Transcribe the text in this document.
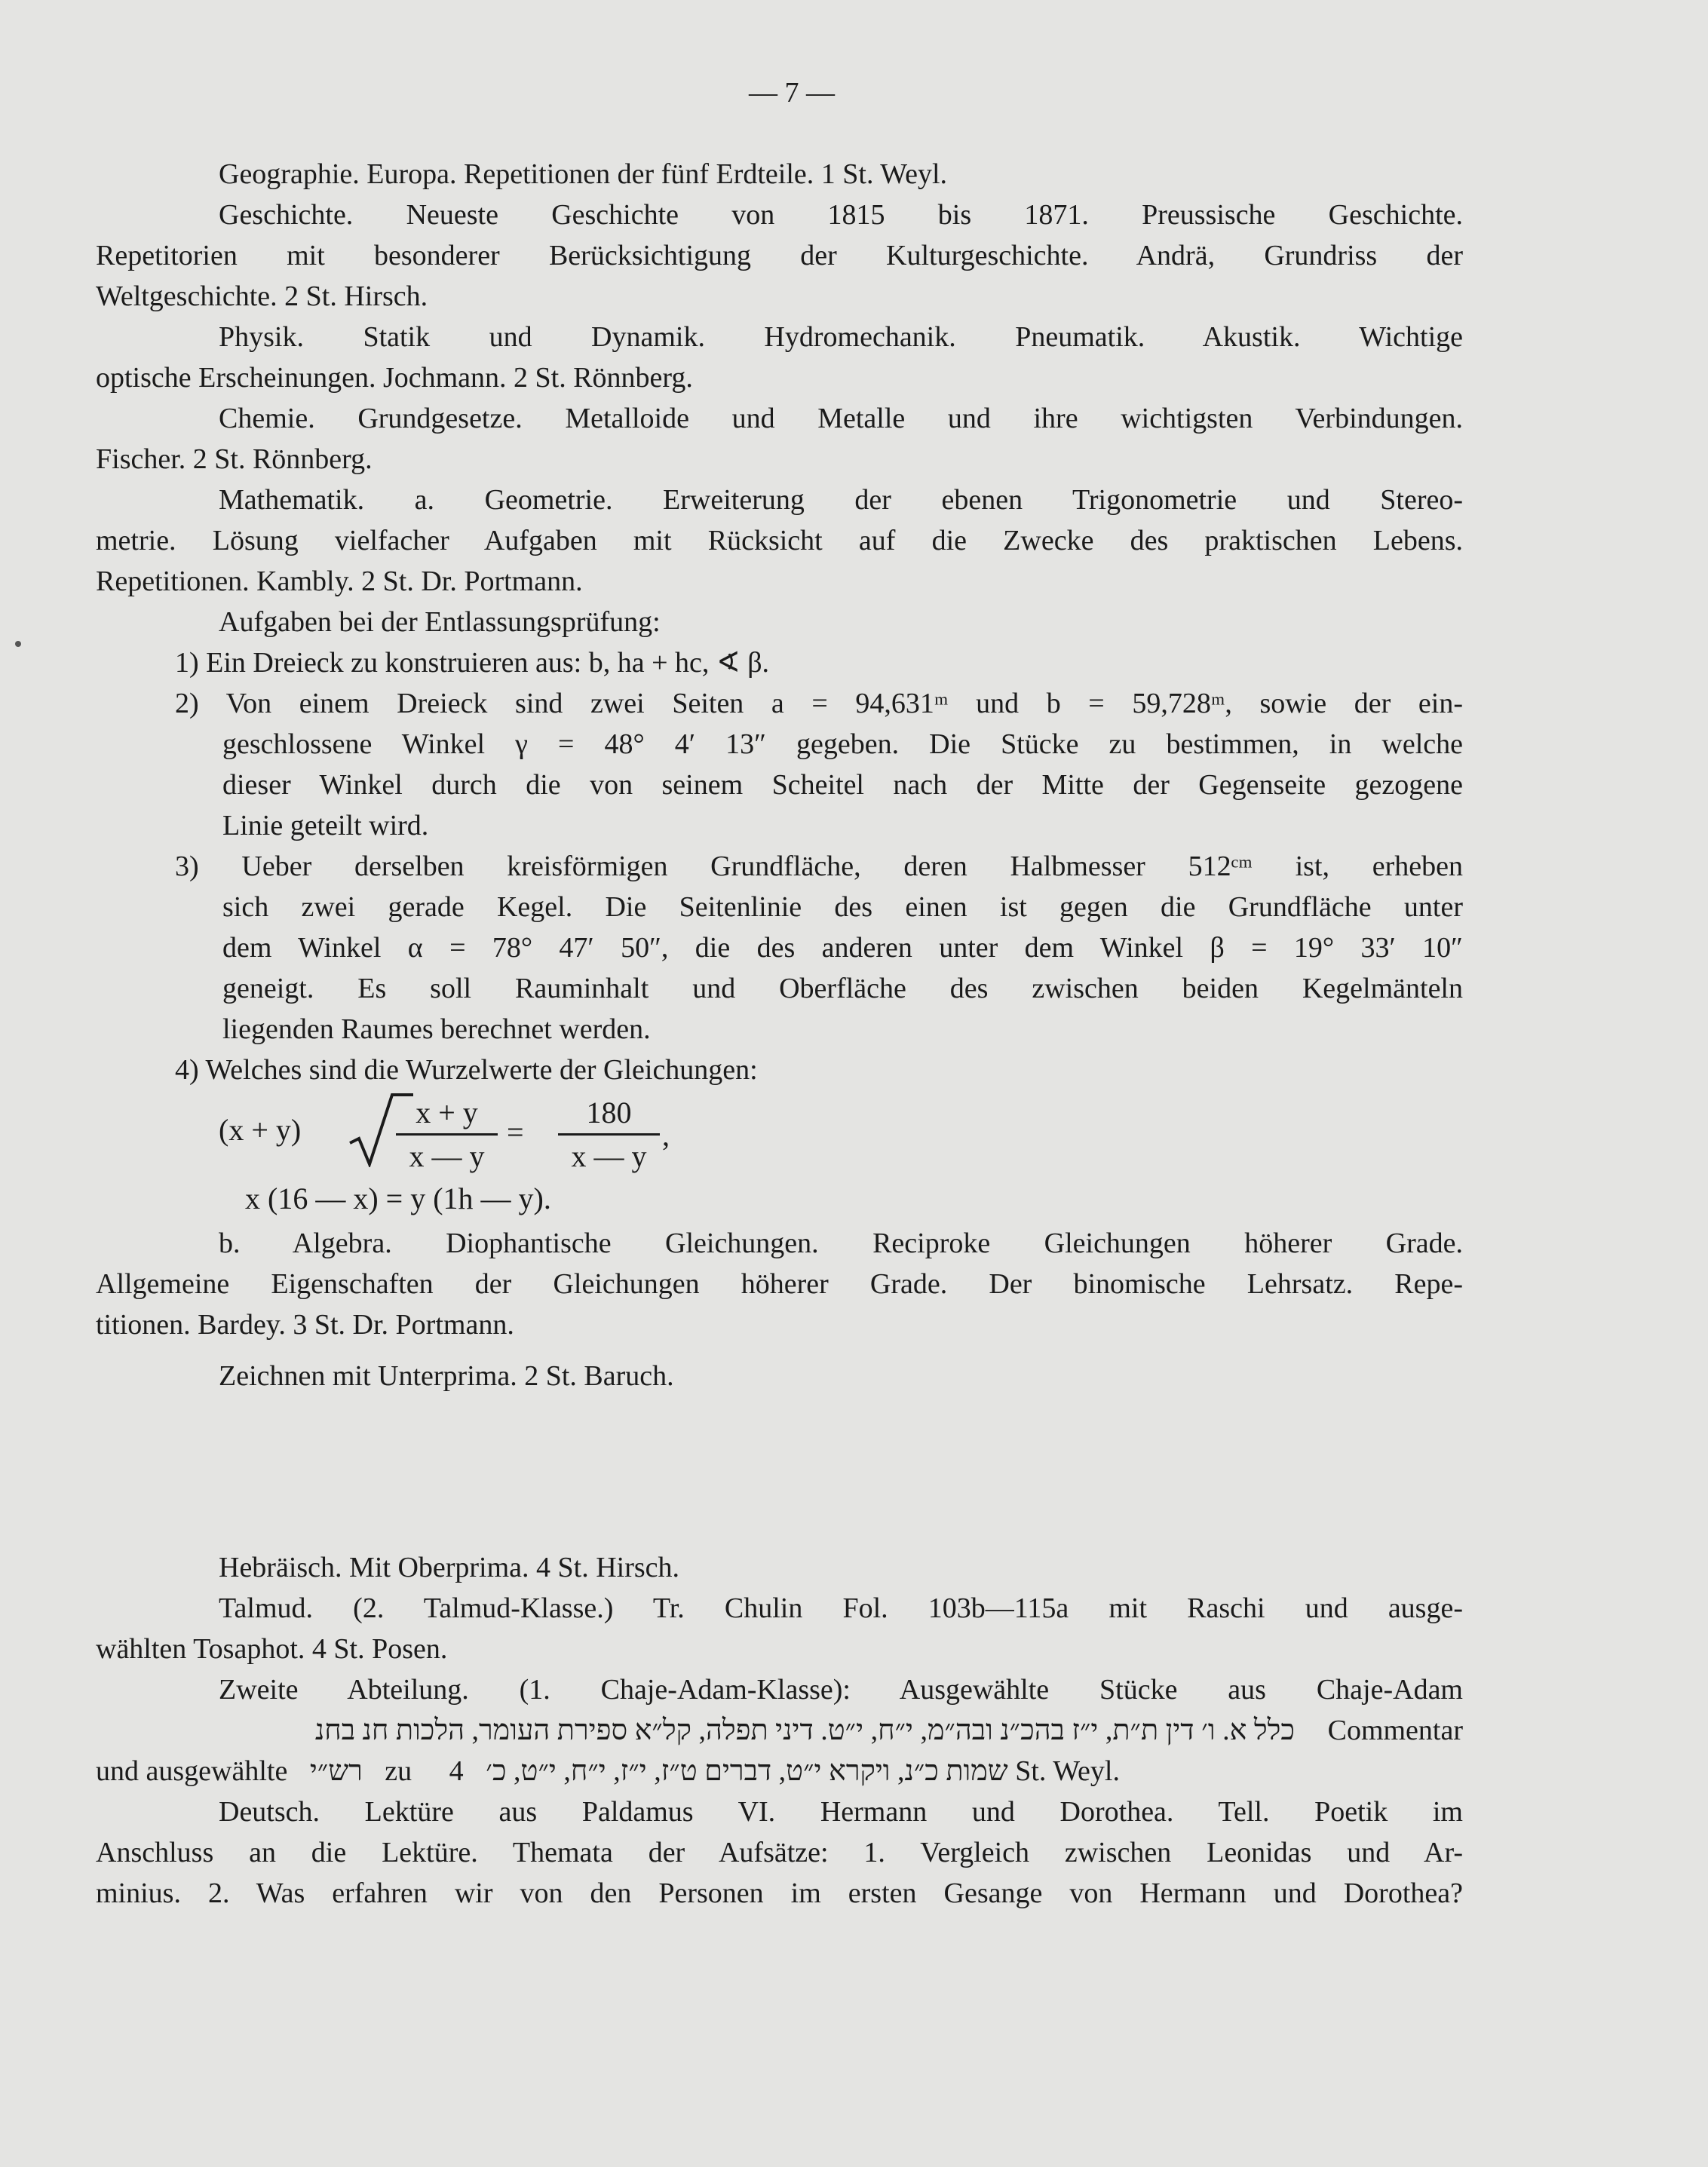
— 7 —
Geographie. Europa. Repetitionen der fünf Erdteile. 1 St. Weyl.
Geschichte. Neueste Geschichte von 1815 bis 1871. Preussische Geschichte.
Repetitorien mit besonderer Berücksichtigung der Kulturgeschichte. Andrä, Grundriss der
Weltgeschichte. 2 St. Hirsch.
Physik. Statik und Dynamik. Hydromechanik. Pneumatik. Akustik. Wichtige
optische Erscheinungen. Jochmann. 2 St. Rönnberg.
Chemie. Grundgesetze. Metalloide und Metalle und ihre wichtigsten Verbindungen.
Fischer. 2 St. Rönnberg.
Mathematik. a. Geometrie. Erweiterung der ebenen Trigonometrie und Stereo-
metrie. Lösung vielfacher Aufgaben mit Rücksicht auf die Zwecke des praktischen Lebens.
Repetitionen. Kambly. 2 St. Dr. Portmann.
Aufgaben bei der Entlassungsprüfung:
1) Ein Dreieck zu konstruieren aus: b, ha + hc, ∢ β.
2) Von einem Dreieck sind zwei Seiten a = 94,631ᵐ und b = 59,728ᵐ, sowie der ein-
geschlossene Winkel γ = 48° 4′ 13″ gegeben. Die Stücke zu bestimmen, in welche
dieser Winkel durch die von seinem Scheitel nach der Mitte der Gegenseite gezogene
Linie geteilt wird.
3) Ueber derselben kreisförmigen Grundfläche, deren Halbmesser 512ᶜᵐ ist, erheben
sich zwei gerade Kegel. Die Seitenlinie des einen ist gegen die Grundfläche unter
dem Winkel α = 78° 47′ 50″, die des anderen unter dem Winkel β = 19° 33′ 10″
geneigt. Es soll Rauminhalt und Oberfläche des zwischen beiden Kegelmänteln
liegenden Raumes berechnet werden.
4) Welches sind die Wurzelwerte der Gleichungen:
(x + y)
x + y
x — y
=
180
x — y
,
x (16 — x) = y (1h — y).
b. Algebra. Diophantische Gleichungen. Reciproke Gleichungen höherer Grade.
Allgemeine Eigenschaften der Gleichungen höherer Grade. Der binomische Lehrsatz. Repe-
titionen. Bardey. 3 St. Dr. Portmann.
Zeichnen mit Unterprima. 2 St. Baruch.
Hebräisch. Mit Oberprima. 4 St. Hirsch.
Talmud. (2. Talmud-Klasse.) Tr. Chulin Fol. 103b—115a mit Raschi und ausge-
wählten Tosaphot. 4 St. Posen.
Zweite Abteilung. (1. Chaje-Adam-Klasse): Ausgewählte Stücke aus Chaje-Adam
כלל א. ו׳ דין ת״ת, י״ז בהכ״נ ובה״מ, י״ח, י״ט. דיני תפלה, קל״א ספירת העומר, הלכות חנ בחנ	Commentar
und ausgewählte רש״י zu	שמות כ״נ, ויקרא י״ט, דברים ט״ז, י״ז, י״ח, י״ט, כ׳ 4 St. Weyl.
Deutsch. Lektüre aus Paldamus VI. Hermann und Dorothea. Tell. Poetik im
Anschluss an die Lektüre. Themata der Aufsätze: 1. Vergleich zwischen Leonidas und Ar-
minius. 2. Was erfahren wir von den Personen im ersten Gesange von Hermann und Dorothea?
